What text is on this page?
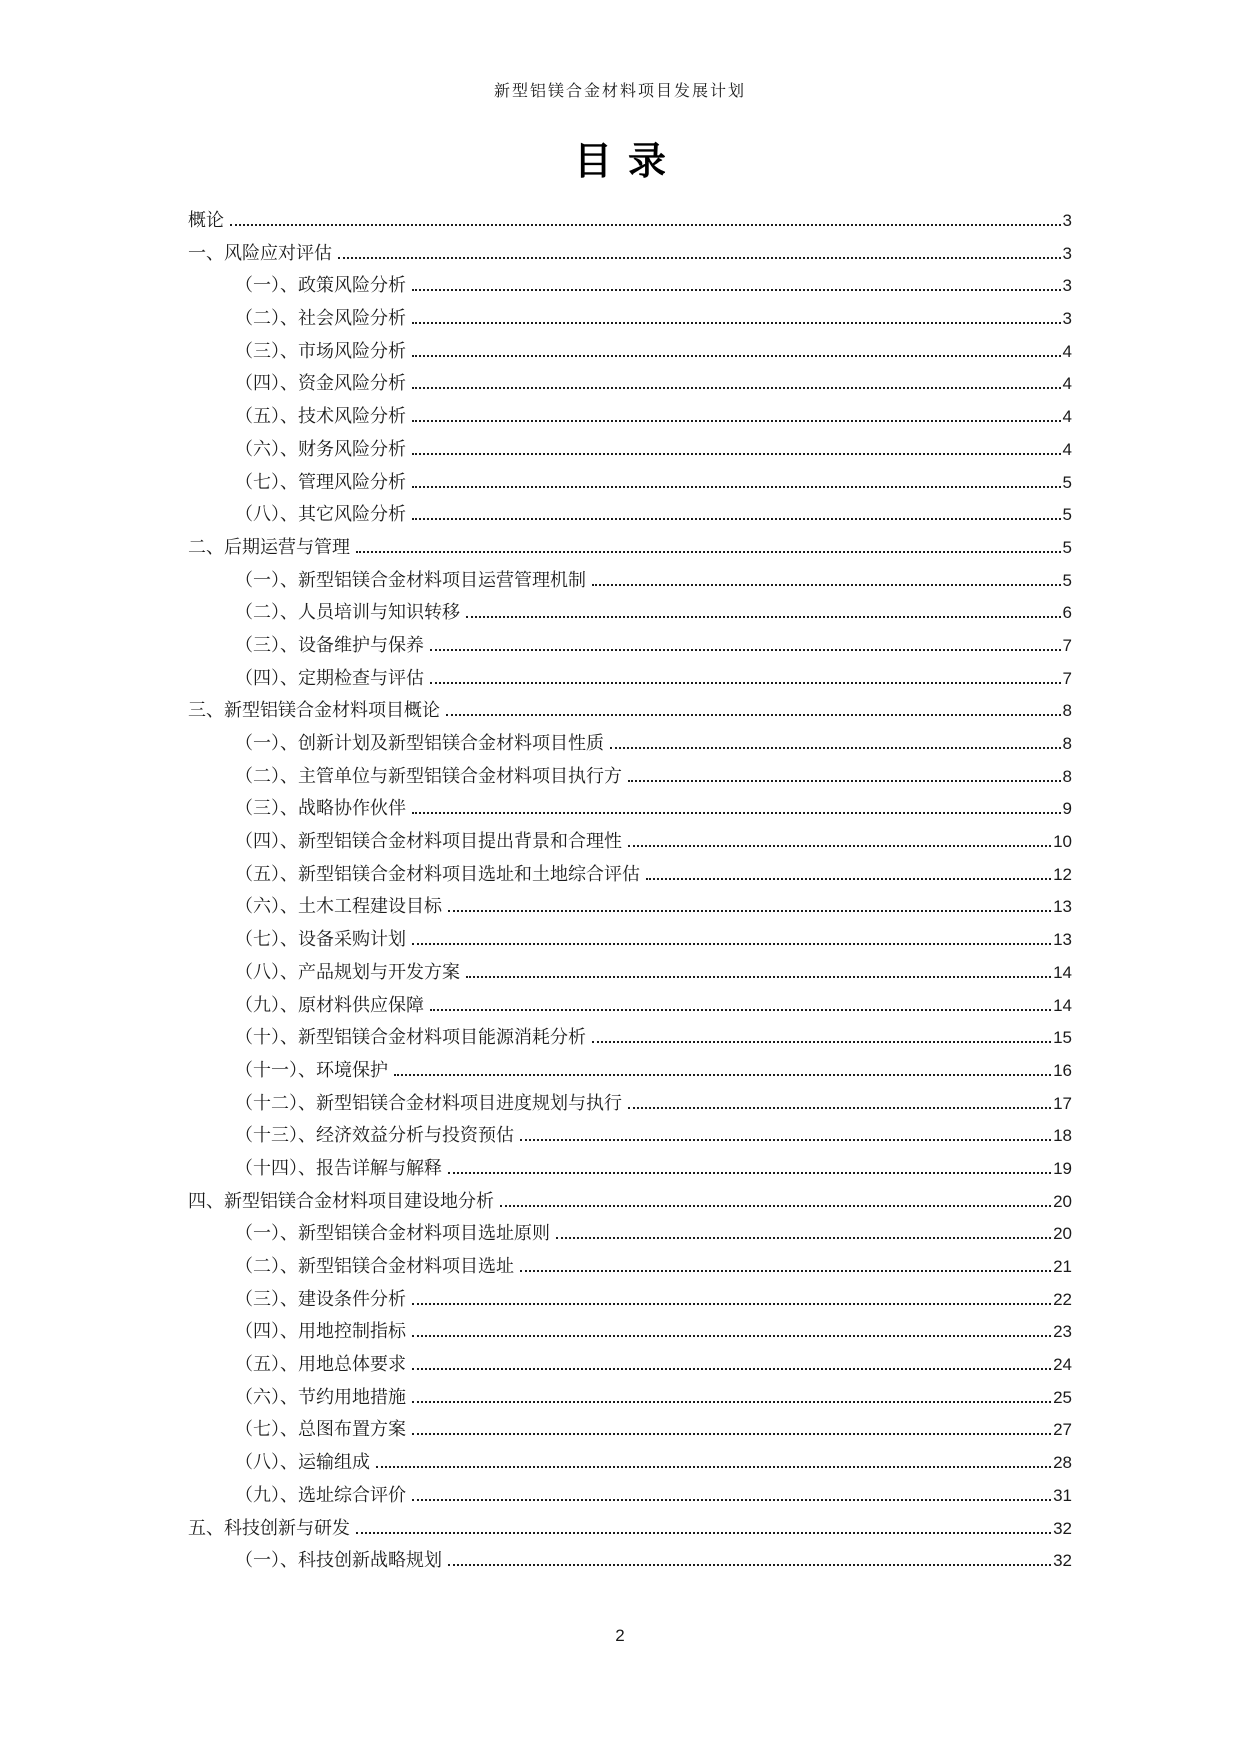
新型铝镁合金材料项目发展计划
目录
概论	3
一、风险应对评估	3
（一）、政策风险分析	3
（二）、社会风险分析	3
（三）、市场风险分析	4
（四）、资金风险分析	4
（五）、技术风险分析	4
（六）、财务风险分析	4
（七）、管理风险分析	5
（八）、其它风险分析	5
二、后期运营与管理	5
（一）、新型铝镁合金材料项目运营管理机制	5
（二）、人员培训与知识转移	6
（三）、设备维护与保养	7
（四）、定期检查与评估	7
三、新型铝镁合金材料项目概论	8
（一）、创新计划及新型铝镁合金材料项目性质	8
（二）、主管单位与新型铝镁合金材料项目执行方	8
（三）、战略协作伙伴	9
（四）、新型铝镁合金材料项目提出背景和合理性	10
（五）、新型铝镁合金材料项目选址和土地综合评估	12
（六）、土木工程建设目标	13
（七）、设备采购计划	13
（八）、产品规划与开发方案	14
（九）、原材料供应保障	14
（十）、新型铝镁合金材料项目能源消耗分析	15
（十一）、环境保护	16
（十二）、新型铝镁合金材料项目进度规划与执行	17
（十三）、经济效益分析与投资预估	18
（十四）、报告详解与解释	19
四、新型铝镁合金材料项目建设地分析	20
（一）、新型铝镁合金材料项目选址原则	20
（二）、新型铝镁合金材料项目选址	21
（三）、建设条件分析	22
（四）、用地控制指标	23
（五）、用地总体要求	24
（六）、节约用地措施	25
（七）、总图布置方案	27
（八）、运输组成	28
（九）、选址综合评价	31
五、科技创新与研发	32
（一）、科技创新战略规划	32
2
